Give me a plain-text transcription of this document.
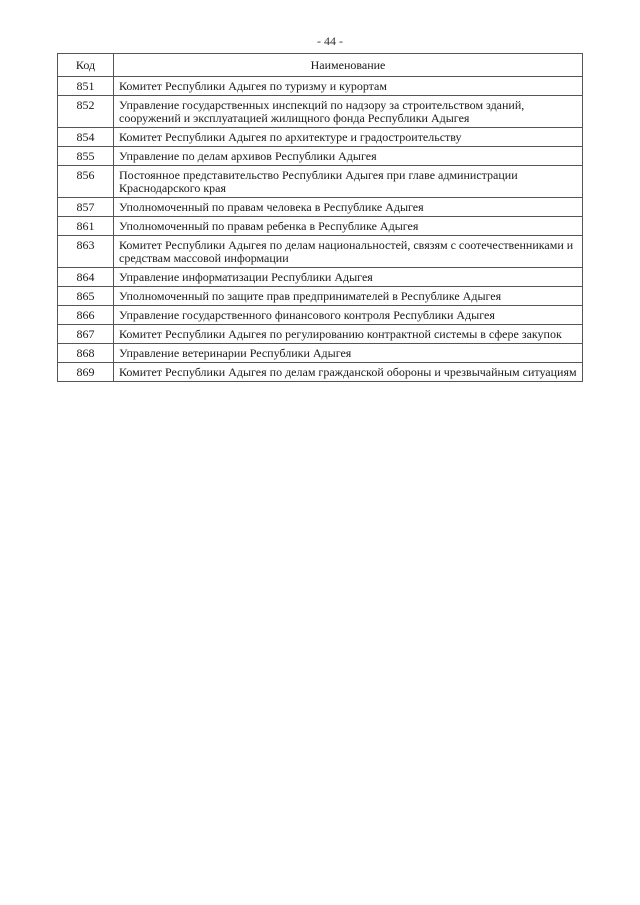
- 44 -
Код	Наименование
851	Комитет Республики Адыгея по туризму и курортам
852	Управление государственных инспекций по надзору за строительством зданий, сооружений и эксплуатацией жилищного фонда Республики Адыгея
854	Комитет Республики Адыгея по архитектуре и градостроительству
855	Управление по делам архивов Республики Адыгея
856	Постоянное представительство Республики Адыгея при главе администрации Краснодарского края
857	Уполномоченный по правам человека в Республике Адыгея
861	Уполномоченный по правам ребенка в Республике Адыгея
863	Комитет Республики Адыгея по делам национальностей, связям с соотечественниками и средствам массовой информации
864	Управление информатизации Республики Адыгея
865	Уполномоченный по защите прав предпринимателей в Республике Адыгея
866	Управление государственного финансового контроля Республики Адыгея
867	Комитет Республики Адыгея по регулированию контрактной системы в сфере закупок
868	Управление ветеринарии Республики Адыгея
869	Комитет Республики Адыгея по делам гражданской обороны и чрезвычайным ситуациям
